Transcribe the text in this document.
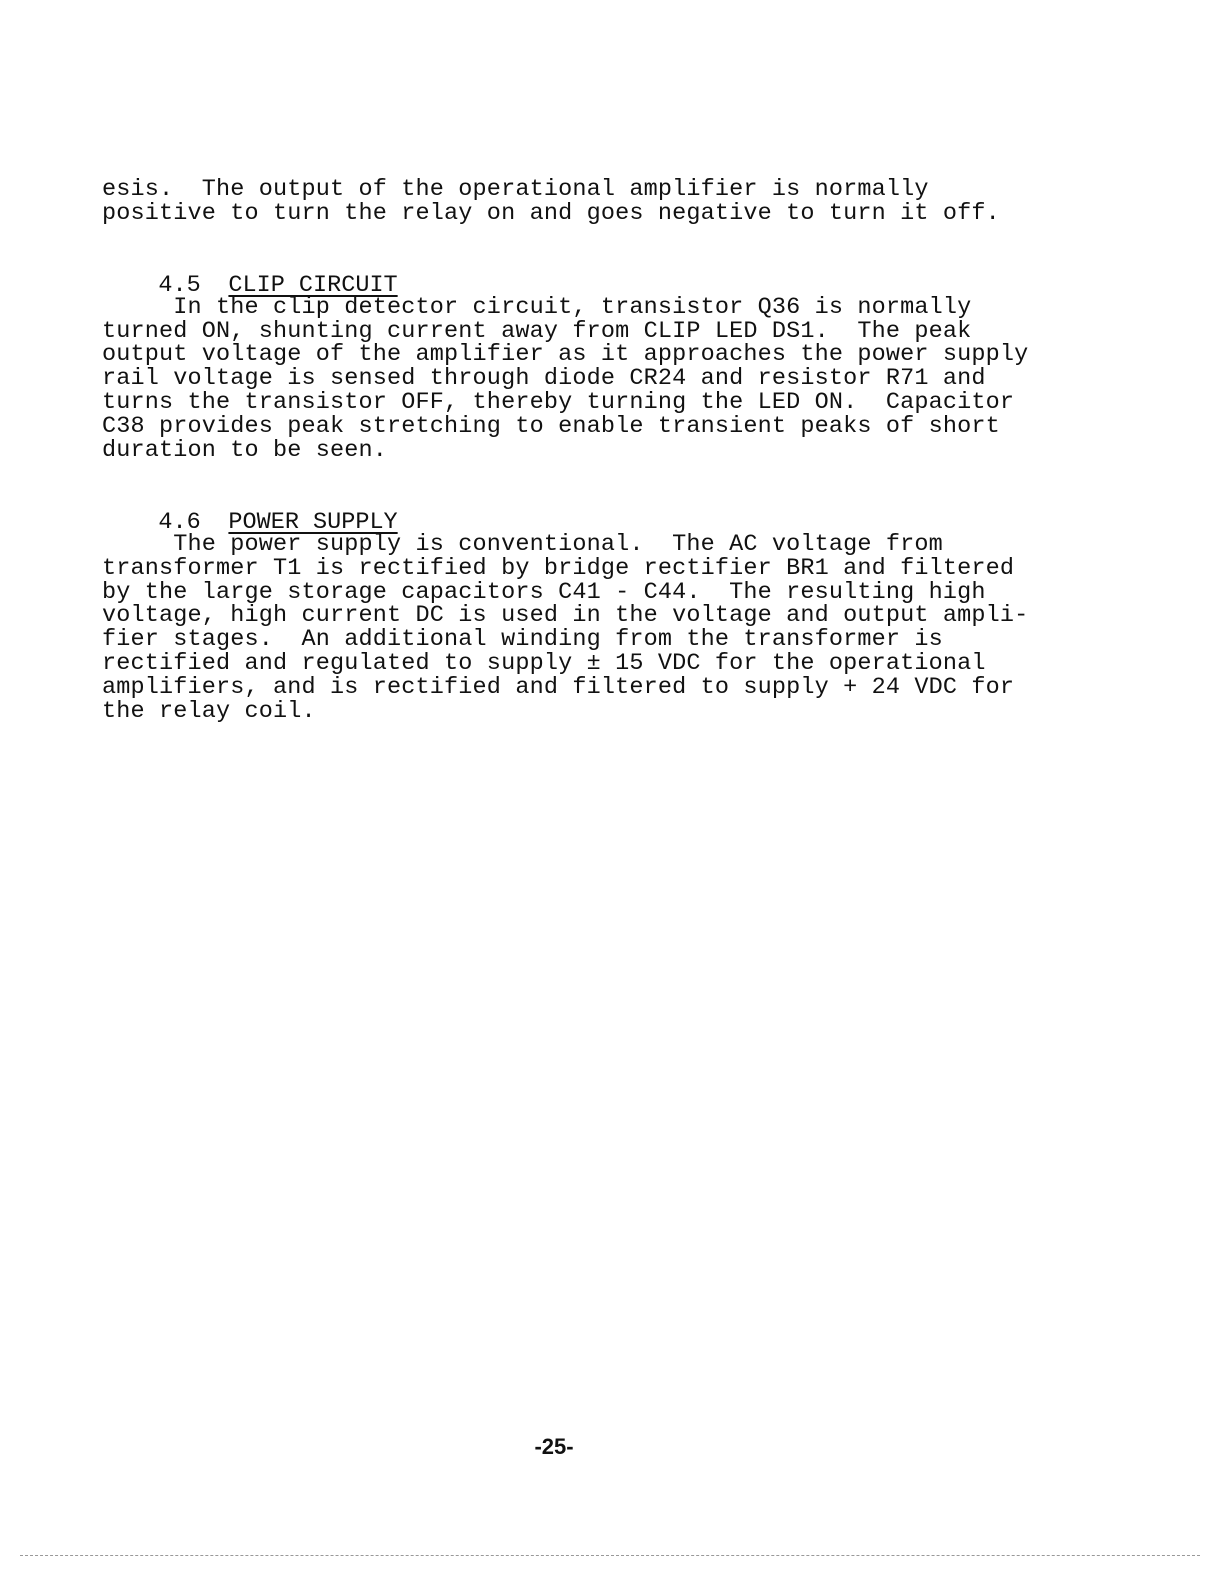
esis.  The output of the operational amplifier is normally
positive to turn the relay on and goes negative to turn it off.

4.5 CLIP CIRCUIT

In the clip detector circuit, transistor Q36 is normally
turned ON, shunting current away from CLIP LED DS1.  The peak
output voltage of the amplifier as it approaches the power supply
rail voltage is sensed through diode CR24 and resistor R71 and
turns the transistor OFF, thereby turning the LED ON.  Capacitor
C38 provides peak stretching to enable transient peaks of short
duration to be seen.

4.6 POWER SUPPLY

The power supply is conventional.  The AC voltage from
transformer T1 is rectified by bridge rectifier BR1 and filtered
by the large storage capacitors C41 - C44.  The resulting high
voltage, high current DC is used in the voltage and output ampli-
fier stages.  An additional winding from the transformer is
rectified and regulated to supply ± 15 VDC for the operational
amplifiers, and is rectified and filtered to supply + 24 VDC for
the relay coil.
-25-
